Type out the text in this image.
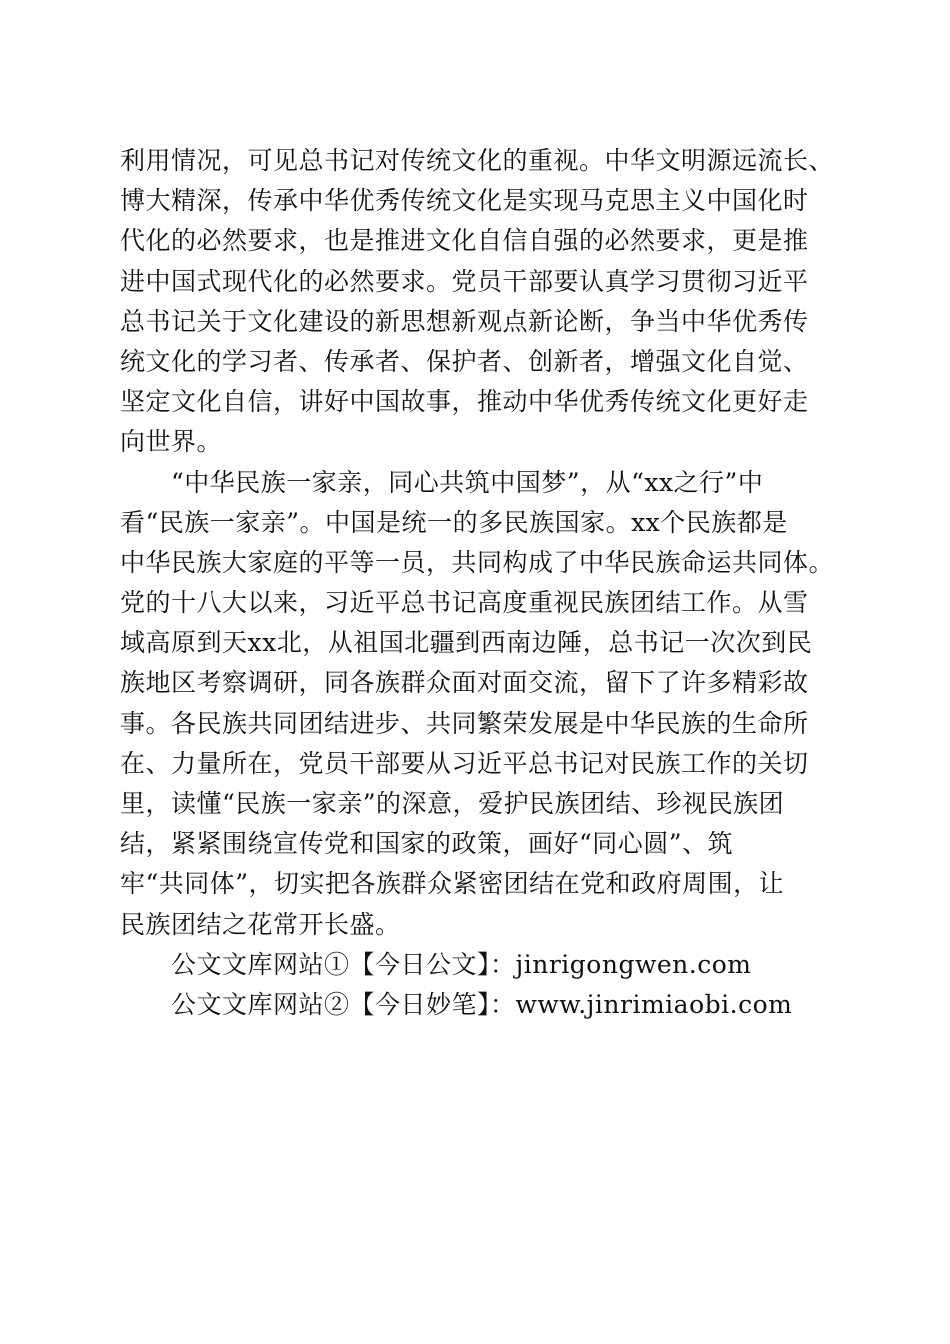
利用情况，可见总书记对传统文化的重视。中华文明源远流长、
博大精深，传承中华优秀传统文化是实现马克思主义中国化时
代化的必然要求，也是推进文化自信自强的必然要求，更是推
进中国式现代化的必然要求。党员干部要认真学习贯彻习近平
总书记关于文化建设的新思想新观点新论断，争当中华优秀传
统文化的学习者、传承者、保护者、创新者，增强文化自觉、
坚定文化自信，讲好中国故事，推动中华优秀传统文化更好走
向世界。
“中华民族一家亲，同心共筑中国梦”，从“xx之行”中
看“民族一家亲”。中国是统一的多民族国家。xx个民族都是
中华民族大家庭的平等一员，共同构成了中华民族命运共同体。
党的十八大以来，习近平总书记高度重视民族团结工作。从雪
域高原到天xx北，从祖国北疆到西南边陲，总书记一次次到民
族地区考察调研，同各族群众面对面交流，留下了许多精彩故
事。各民族共同团结进步、共同繁荣发展是中华民族的生命所
在、力量所在，党员干部要从习近平总书记对民族工作的关切
里，读懂“民族一家亲”的深意，爱护民族团结、珍视民族团
结，紧紧围绕宣传党和国家的政策，画好“同心圆”、筑
牢“共同体”，切实把各族群众紧密团结在党和政府周围，让
民族团结之花常开长盛。
公文文库网站①【今日公文】：jinrigongwen.com
公文文库网站②【今日妙笔】：www.jinrimiaobi.com
